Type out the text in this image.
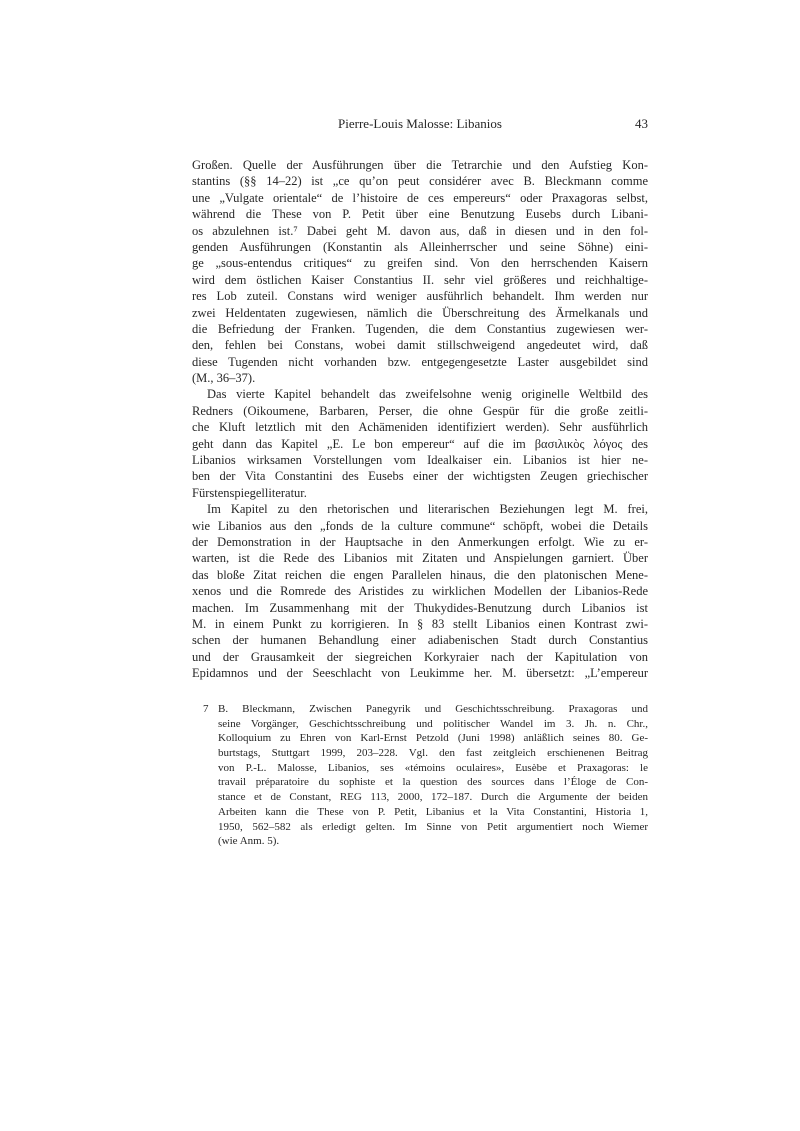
Pierre-Louis Malosse: Libanios	43
Großen. Quelle der Ausführungen über die Tetrarchie und den Aufstieg Kon-
stantins (§§ 14–22) ist „ce qu’on peut considérer avec B. Bleckmann comme
une „Vulgate orientale“ de l’histoire de ces empereurs“ oder Praxagoras selbst,
während die These von P. Petit über eine Benutzung Eusebs durch Libani-
os abzulehnen ist.⁷ Dabei geht M. davon aus, daß in diesen und in den fol-
genden Ausführungen (Konstantin als Alleinherrscher und seine Söhne) eini-
ge „sous-entendus critiques“ zu greifen sind. Von den herrschenden Kaisern
wird dem östlichen Kaiser Constantius II. sehr viel größeres und reichhaltige-
res Lob zuteil. Constans wird weniger ausführlich behandelt. Ihm werden nur
zwei Heldentaten zugewiesen, nämlich die Überschreitung des Ärmelkanals und
die Befriedung der Franken. Tugenden, die dem Constantius zugewiesen wer-
den, fehlen bei Constans, wobei damit stillschweigend angedeutet wird, daß
diese Tugenden nicht vorhanden bzw. entgegengesetzte Laster ausgebildet sind
(M., 36–37).
Das vierte Kapitel behandelt das zweifelsohne wenig originelle Weltbild des
Redners (Oikoumene, Barbaren, Perser, die ohne Gespür für die große zeitli-
che Kluft letztlich mit den Achämeniden identifiziert werden). Sehr ausführlich
geht dann das Kapitel „E. Le bon empereur“ auf die im βασιλικὸς λόγος des
Libanios wirksamen Vorstellungen vom Idealkaiser ein. Libanios ist hier ne-
ben der Vita Constantini des Eusebs einer der wichtigsten Zeugen griechischer
Fürstenspiegelliteratur.
Im Kapitel zu den rhetorischen und literarischen Beziehungen legt M. frei,
wie Libanios aus den „fonds de la culture commune“ schöpft, wobei die Details
der Demonstration in der Hauptsache in den Anmerkungen erfolgt. Wie zu er-
warten, ist die Rede des Libanios mit Zitaten und Anspielungen garniert. Über
das bloße Zitat reichen die engen Parallelen hinaus, die den platonischen Mene-
xenos und die Romrede des Aristides zu wirklichen Modellen der Libanios-Rede
machen. Im Zusammenhang mit der Thukydides-Benutzung durch Libanios ist
M. in einem Punkt zu korrigieren. In § 83 stellt Libanios einen Kontrast zwi-
schen der humanen Behandlung einer adiabenischen Stadt durch Constantius
und der Grausamkeit der siegreichen Korkyraier nach der Kapitulation von
Epidamnos und der Seeschlacht von Leukimme her. M. übersetzt: „L’empereur
7 B. Bleckmann, Zwischen Panegyrik und Geschichtsschreibung. Praxagoras und
seine Vorgänger, Geschichtsschreibung und politischer Wandel im 3. Jh. n. Chr.,
Kolloquium zu Ehren von Karl-Ernst Petzold (Juni 1998) anläßlich seines 80. Ge-
burtstags, Stuttgart 1999, 203–228. Vgl. den fast zeitgleich erschienenen Beitrag
von P.-L. Malosse, Libanios, ses «témoins oculaires», Eusèbe et Praxagoras: le
travail préparatoire du sophiste et la question des sources dans l’Éloge de Con-
stance et de Constant, REG 113, 2000, 172–187. Durch die Argumente der beiden
Arbeiten kann die These von P. Petit, Libanius et la Vita Constantini, Historia 1,
1950, 562–582 als erledigt gelten. Im Sinne von Petit argumentiert noch Wiemer
(wie Anm. 5).
